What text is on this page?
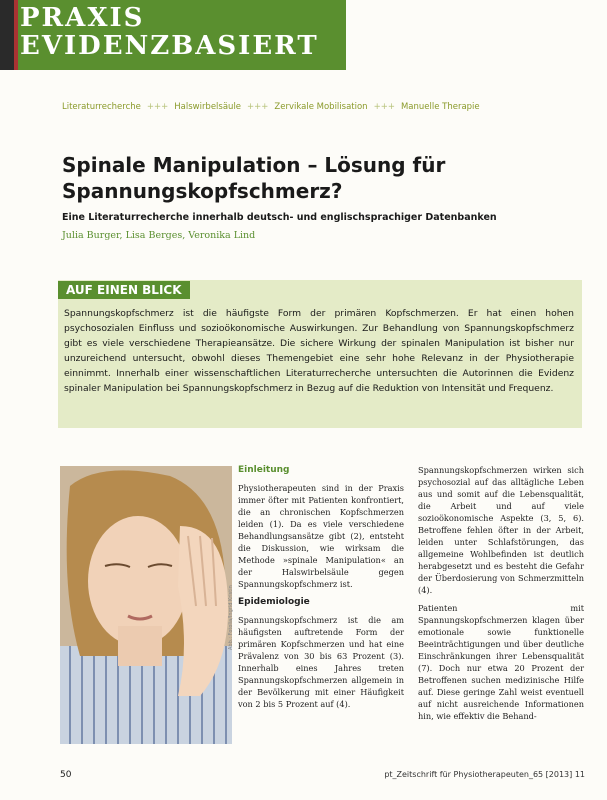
PRAXIS
EVIDENZBASIERT
Literaturrecherche +++ Halswirbelsäule +++ Zervikale Mobilisation +++ Manuelle Therapie
Spinale Manipulation – Lösung für
Spannungskopfschmerz?

Eine Literaturrecherche innerhalb deutsch- und englischsprachiger Datenbanken

Julia Burger, Lisa Berges, Veronika Lind

AUF EINEN BLICK

Spannungskopfschmerz ist die häufigste Form der primären Kopfschmerzen. Er hat einen hohen psychosozialen Einfluss und sozioökonomische Auswirkungen. Zur Behandlung von Spannungskopfschmerz gibt es viele verschiedene Therapieansätze. Die sichere Wirkung der spinalen Manipulation ist bisher nur unzureichend untersucht, obwohl dieses Themengebiet eine sehr hohe Relevanz in der Physiotherapie einnimmt. Innerhalb einer wissenschaftlichen Literaturrecherche untersuchten die Autorinnen die Evidenz spinaler Manipulation bei Spannungskopfschmerz in Bezug auf die Reduktion von Intensität und Frequenz.

Abb.: Fotolia/Ingrid Kristin
Einleitung

Physiotherapeuten sind in der Praxis immer öfter mit Patienten konfrontiert, die an chronischen Kopfschmerzen leiden (1). Da es viele verschiedene Behandlungsansätze gibt (2), entsteht die Diskussion, wie wirksam die Methode »spinale Manipulation« an der Halswirbelsäule gegen Spannungskopfschmerz ist.

Epidemiologie

Spannungskopfschmerz ist die am häufigsten auftretende Form der primären Kopfschmerzen und hat eine Prävalenz von 30 bis 63 Prozent (3). Innerhalb eines Jahres treten Spannungskopfschmerzen allgemein in der Bevölkerung mit einer Häufigkeit von 2 bis 5 Prozent auf (4).

Spannungskopfschmerzen wirken sich psychosozial auf das alltägliche Leben aus und somit auf die Lebensqualität, die Arbeit und auf viele sozioökonomische Aspekte (3, 5, 6). Betroffene fehlen öfter in der Arbeit, leiden unter Schlafstörungen, das allgemeine Wohlbefinden ist deutlich herabgesetzt und es besteht die Gefahr der Überdosierung von Schmerzmitteln (4).

Patienten mit Spannungskopfschmerzen klagen über emotionale sowie funktionelle Beeinträchtigungen und über deutliche Einschränkungen ihrer Lebensqualität (7). Doch nur etwa 20 Prozent der Betroffenen suchen medizinische Hilfe auf. Diese geringe Zahl weist eventuell auf nicht ausreichende Informationen hin, wie effektiv die Behand-

50	pt_Zeitschrift für Physiotherapeuten_65 [2013] 11
